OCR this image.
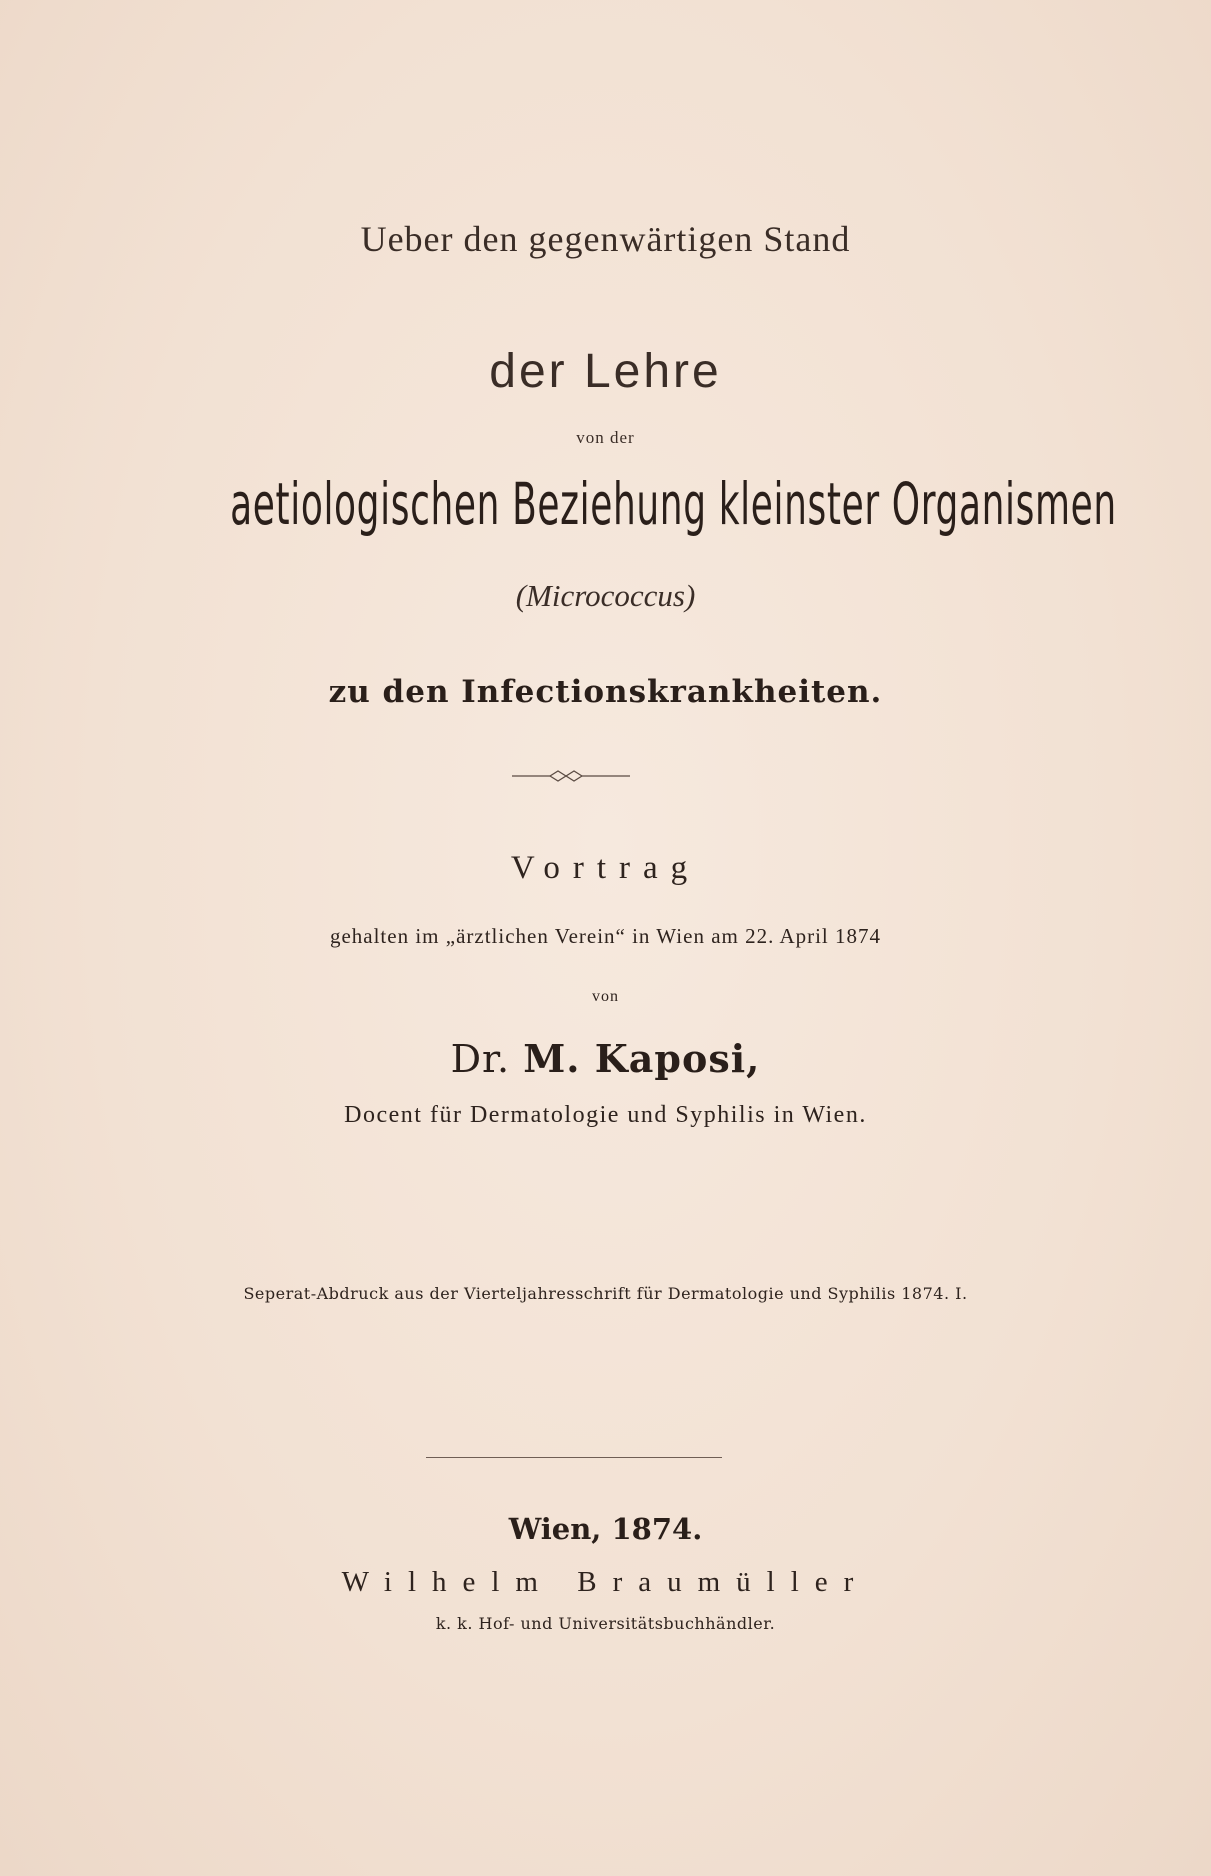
Ueber den gegenwärtigen Stand
der Lehre
von der
aetiologischen Beziehung kleinster Organismen
(Micrococcus)
zu den Infectionskrankheiten.
Vortrag
gehalten im „ärztlichen Verein“ in Wien am 22. April 1874
von
Dr. M. Kaposi,
Docent für Dermatologie und Syphilis in Wien.
Seperat-Abdruck aus der Vierteljahresschrift für Dermatologie und Syphilis 1874. I.
Wien, 1874.
Wilhelm Braumüller
k. k. Hof- und Universitätsbuchhändler.
